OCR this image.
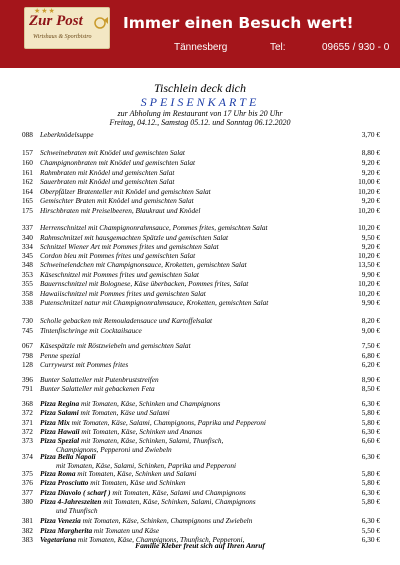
★★★
Zur Post
Wirtshaus & Sportbistro
Immer einen Besuch wert!
Tännesberg	Tel:	09655 / 930 - 0
Tischlein deck dich
SPEISENKARTE
zur Abholung im Restaurant von 17 Uhr bis 20 Uhr
Freitag, 04.12., Samstag 05.12. und Sonntag 06.12.2020
088 Leberknödelsuppe	3,70 €
157 Schweinebraten mit Knödel und gemischten Salat	8,80 €
160 Champignonbraten mit Knödel und gemischten Salat	9,20 €
161 Rahmbraten mit Knödel und gemischten Salat	9,20 €
162 Sauerbraten mit Knödel und gemischten Salat	10,00 €
164 Oberpfälzer Bratenteller mit Knödel und gemischten Salat	10,20 €
165 Gemischter Braten mit Knödel und gemischten Salat	9,20 €
175 Hirschbraten mit Preiselbeeren, Blaukraut und Knödel	10,20 €
337 Herrenschnitzel mit Champignonrahmsauce, Pommes frites, gemischten Salat	10,20 €
340 Rahmschnitzel mit hausgemachten Spätzle und gemischten Salat	9,50 €
334 Schnitzel Wiener Art mit Pommes frites und gemischten Salat	9,20 €
345 Cordon bleu mit Pommes frites und gemischten Salat	10,20 €
348 Schweinelendchen mit Champignonsauce, Kroketten, gemischten Salat	13,50 €
353 Käseschnitzel mit Pommes frites und gemischten Salat	9,90 €
355 Bauernschnitzel mit Bolognese, Käse überbacken, Pommes frites, Salat	10,20 €
358 Hawaiischnitzel mit Pommes frites und gemischten Salat	10,20 €
338 Putenschnitzel natur mit Champignonrahmsauce, Kroketten, gemischten Salat	9,90 €
730 Scholle gebacken mit Remouladensauce und Kartoffelsalat	8,20 €
745 Tintenfischringe mit Cocktailsauce	9,00 €
067 Käsespätzle mit Röstzwiebeln und gemischten Salat	7,50 €
798 Penne spezial	6,80 €
128 Currywurst mit Pommes frites	6,20 €
396 Bunter Salatteller mit Putenbruststreifen	8,90 €
791 Bunter Salatteller mit gebackenen Feta	8,50 €
368 Pizza Regina mit Tomaten, Käse, Schinken und Champignons	6,30 €
372 Pizza Salami mit Tomaten, Käse und Salami	5,80 €
371 Pizza Mix mit Tomaten, Käse, Salami, Champignons, Paprika und Pepperoni	5,80 €
372 Pizza Hawaii mit Tomaten, Käse, Schinken und Ananas	6,30 €
373 Pizza Spezial mit Tomaten, Käse, Schinken, Salami, Thunfisch,	6,60 €
Champignons, Pepperoni und Zwiebeln
374 Pizza Bella Napoli	6,30 €
mit Tomaten, Käse, Salami, Schinken, Paprika und Pepperoni
375 Pizza Roma mit Tomaten, Käse, Schinken und Salami	5,80 €
376 Pizza Prosciutto mit Tomaten, Käse und Schinken	5,80 €
377 Pizza Diavolo ( scharf ) mit Tomaten, Käse, Salami und Champignons	6,30 €
380 Pizza 4-Jahreszeiten mit Tomaten, Käse, Schinken, Salami, Champignons	5,80 €
und Thunfisch
381 Pizza Venezia mit Tomaten, Käse, Schinken, Champignons und Zwiebeln	6,30 €
382 Pizza Margherita mit Tomaten und Käse	5,50 €
383 Vegetariana mit Tomaten, Käse, Champignons, Thunfisch, Pepperoni,	6,30 €
Familie Kleber freut sich auf Ihren Anruf
